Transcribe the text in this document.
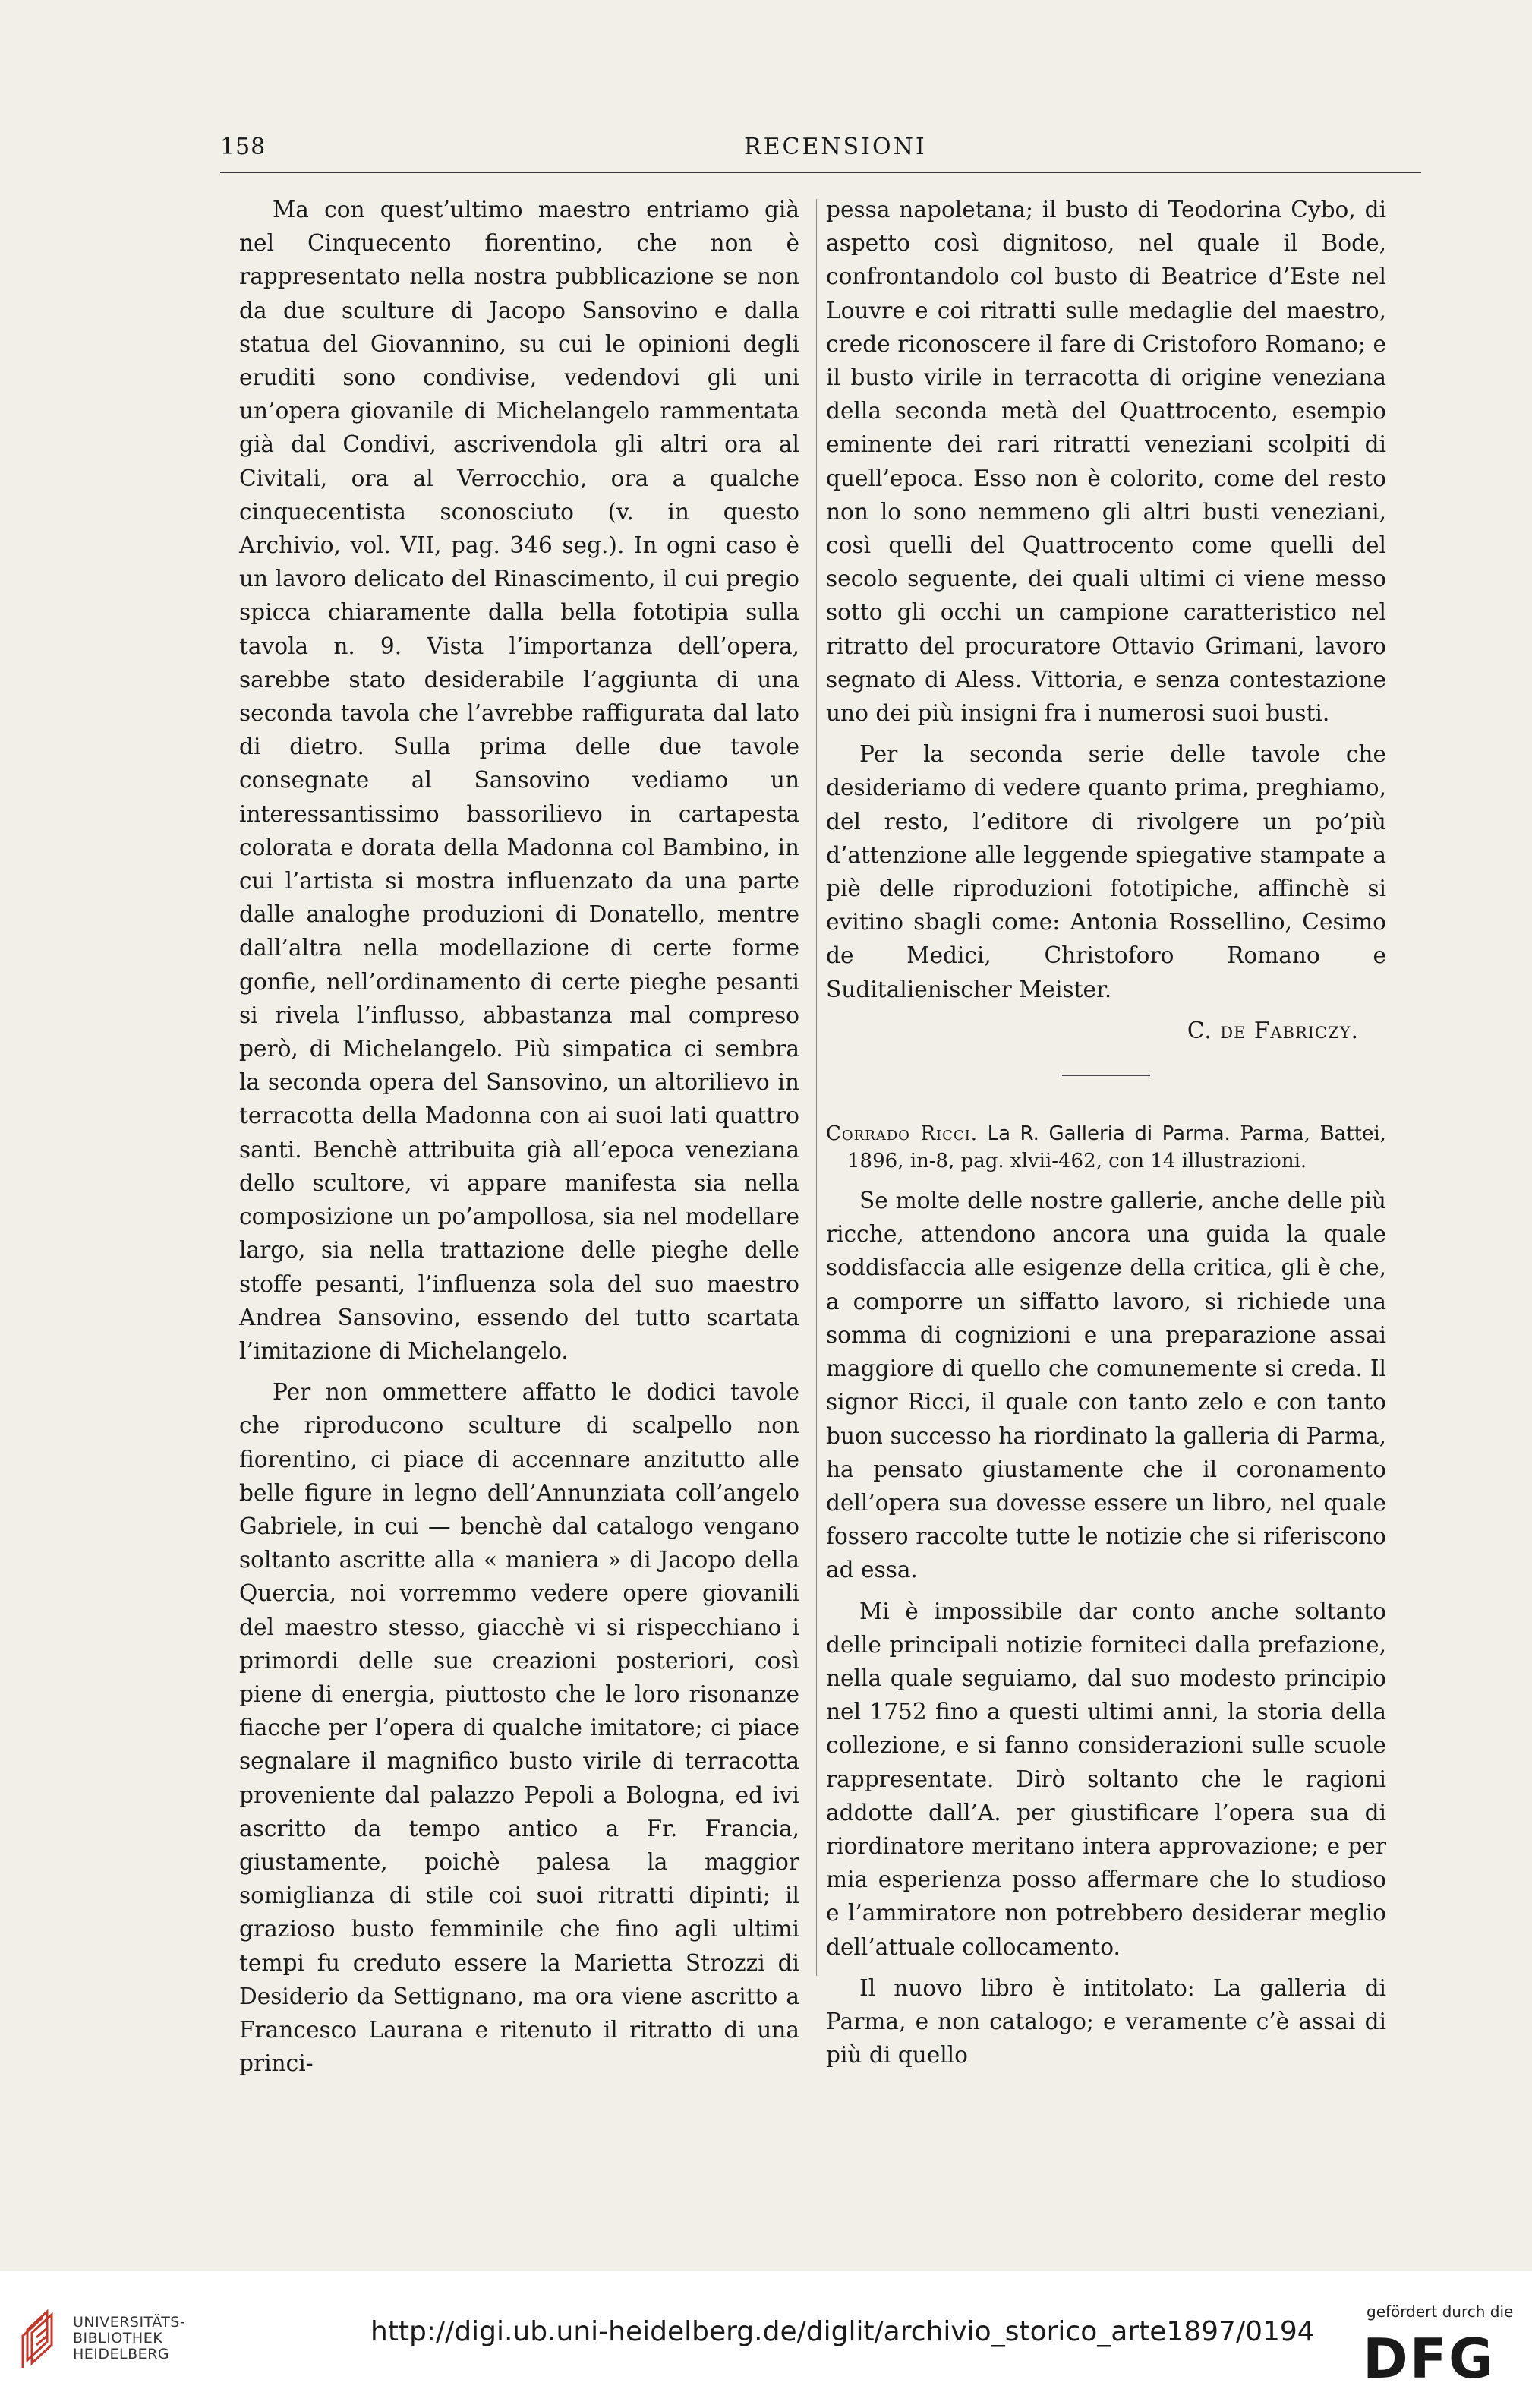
158	RECENSIONI

Ma con quest’ultimo maestro entriamo già nel Cinquecento fiorentino, che non è rappresentato nella nostra pubblicazione se non da due sculture di Jacopo Sansovino e dalla statua del Giovannino, su cui le opinioni degli eruditi sono condivise, vedendovi gli uni un’opera giovanile di Michelangelo rammentata già dal Condivi, ascrivendola gli altri ora al Civitali, ora al Verrocchio, ora a qualche cinquecentista sconosciuto (v. in questo Archivio, vol. VII, pag. 346 seg.). In ogni caso è un lavoro delicato del Rinascimento, il cui pregio spicca chiaramente dalla bella fototipia sulla tavola n. 9. Vista l’importanza dell’opera, sarebbe stato desiderabile l’aggiunta di una seconda tavola che l’avrebbe raffigurata dal lato di dietro. Sulla prima delle due tavole consegnate al Sansovino vediamo un interessantissimo bassorilievo in cartapesta colorata e dorata della Madonna col Bambino, in cui l’artista si mostra influenzato da una parte dalle analoghe produzioni di Donatello, mentre dall’altra nella modellazione di certe forme gonfie, nell’ordinamento di certe pieghe pesanti si rivela l’influsso, abbastanza mal compreso però, di Michelangelo. Più simpatica ci sembra la seconda opera del Sansovino, un altorilievo in terracotta della Madonna con ai suoi lati quattro santi. Benchè attribuita già all’epoca veneziana dello scultore, vi appare manifesta sia nella composizione un po’ampollosa, sia nel modellare largo, sia nella trattazione delle pieghe delle stoffe pesanti, l’influenza sola del suo maestro Andrea Sansovino, essendo del tutto scartata l’imitazione di Michelangelo.

Per non ommettere affatto le dodici tavole che riproducono sculture di scalpello non fiorentino, ci piace di accennare anzitutto alle belle figure in legno dell’Annunziata coll’angelo Gabriele, in cui — benchè dal catalogo vengano soltanto ascritte alla « maniera » di Jacopo della Quercia, noi vorremmo vedere opere giovanili del maestro stesso, giacchè vi si rispecchiano i primordi delle sue creazioni posteriori, così piene di energia, piuttosto che le loro risonanze fiacche per l’opera di qualche imitatore; ci piace segnalare il magnifico busto virile di terracotta proveniente dal palazzo Pepoli a Bologna, ed ivi ascritto da tempo antico a Fr. Francia, giustamente, poichè palesa la maggior somiglianza di stile coi suoi ritratti dipinti; il grazioso busto femminile che fino agli ultimi tempi fu creduto essere la Marietta Strozzi di Desiderio da Settignano, ma ora viene ascritto a Francesco Laurana e ritenuto il ritratto di una princi-

pessa napoletana; il busto di Teodorina Cybo, di aspetto così dignitoso, nel quale il Bode, confrontandolo col busto di Beatrice d’Este nel Louvre e coi ritratti sulle medaglie del maestro, crede riconoscere il fare di Cristoforo Romano; e il busto virile in terracotta di origine veneziana della seconda metà del Quattrocento, esempio eminente dei rari ritratti veneziani scolpiti di quell’epoca. Esso non è colorito, come del resto non lo sono nemmeno gli altri busti veneziani, così quelli del Quattrocento come quelli del secolo seguente, dei quali ultimi ci viene messo sotto gli occhi un campione caratteristico nel ritratto del procuratore Ottavio Grimani, lavoro segnato di Aless. Vittoria, e senza contestazione uno dei più insigni fra i numerosi suoi busti.

Per la seconda serie delle tavole che desideriamo di vedere quanto prima, preghiamo, del resto, l’editore di rivolgere un po’più d’attenzione alle leggende spiegative stampate a piè delle riproduzioni fototipiche, affinchè si evitino sbagli come: Antonia Rossellino, Cesimo de Medici, Christoforo Romano e Suditalienischer Meister.

C. de Fabriczy.
Corrado Ricci. La R. Galleria di Parma. Parma, Battei, 1896, in-8, pag. xlvii-462, con 14 illustrazioni.

Se molte delle nostre gallerie, anche delle più ricche, attendono ancora una guida la quale soddisfaccia alle esigenze della critica, gli è che, a comporre un siffatto lavoro, si richiede una somma di cognizioni e una preparazione assai maggiore di quello che comunemente si creda. Il signor Ricci, il quale con tanto zelo e con tanto buon successo ha riordinato la galleria di Parma, ha pensato giustamente che il coronamento dell’opera sua dovesse essere un libro, nel quale fossero raccolte tutte le notizie che si riferiscono ad essa.

Mi è impossibile dar conto anche soltanto delle principali notizie forniteci dalla prefazione, nella quale seguiamo, dal suo modesto principio nel 1752 fino a questi ultimi anni, la storia della collezione, e si fanno considerazioni sulle scuole rappresentate. Dirò soltanto che le ragioni addotte dall’A. per giustificare l’opera sua di riordinatore meritano intera approvazione; e per mia esperienza posso affermare che lo studioso e l’ammiratore non potrebbero desiderar meglio dell’attuale collocamento.

Il nuovo libro è intitolato: La galleria di Parma, e non catalogo; e veramente c’è assai di più di quello

UNIVERSITÄTS-
BIBLIOTHEK
HEIDELBERG
http://digi.ub.uni-heidelberg.de/diglit/archivio_storico_arte1897/0194
gefördert durch die
DFG
